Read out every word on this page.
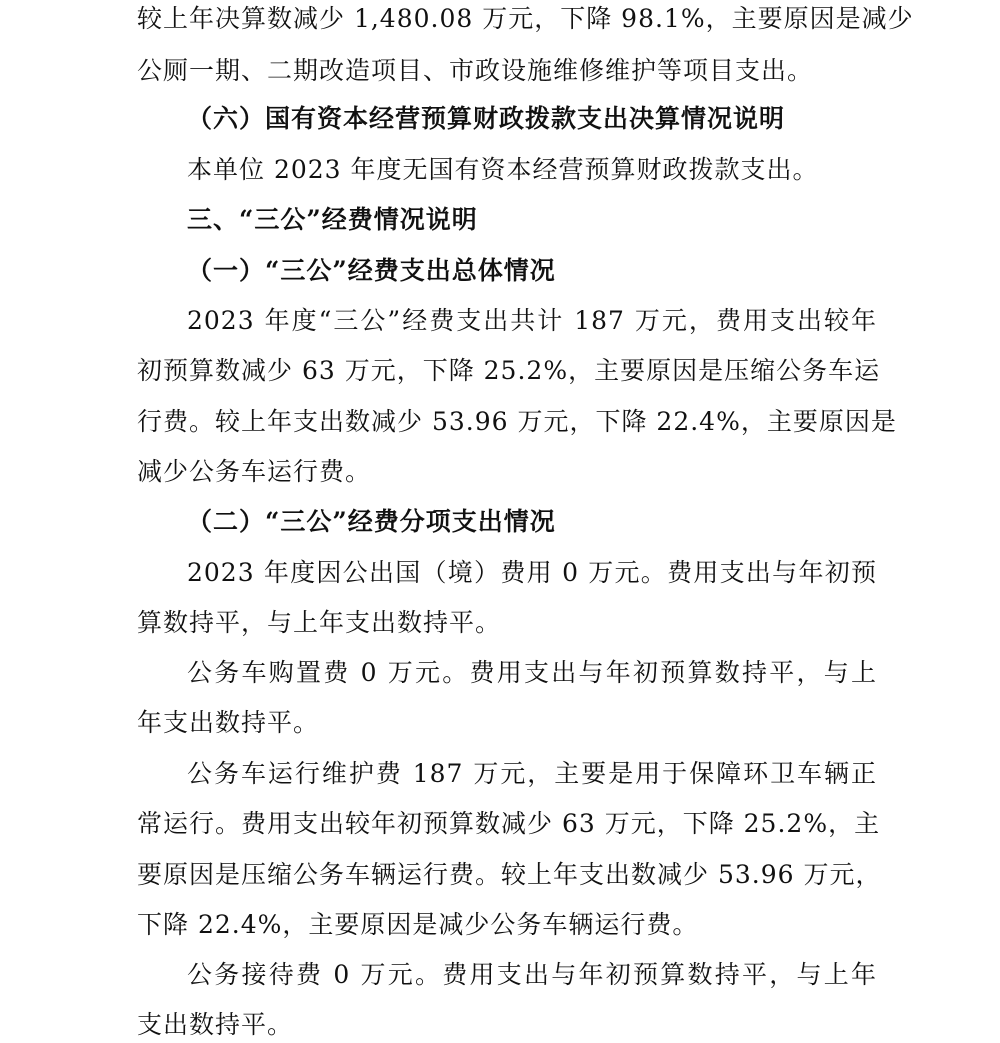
较上年决算数减少 1,480.08 万元，下降 98.1%，主要原因是减少

公厕一期、二期改造项目、市政设施维修维护等项目支出。

（六）国有资本经营预算财政拨款支出决算情况说明

本单位 2023 年度无国有资本经营预算财政拨款支出。

三、“三公”经费情况说明

（一）“三公”经费支出总体情况

2023 年度“三公”经费支出共计 187 万元，费用支出较年

初预算数减少 63 万元，下降 25.2%，主要原因是压缩公务车运

行费。较上年支出数减少 53.96 万元，下降 22.4%，主要原因是

减少公务车运行费。

（二）“三公”经费分项支出情况

2023 年度因公出国（境）费用 0 万元。费用支出与年初预

算数持平，与上年支出数持平。

公务车购置费 0 万元。费用支出与年初预算数持平，与上

年支出数持平。

公务车运行维护费 187 万元，主要是用于保障环卫车辆正

常运行。费用支出较年初预算数减少 63 万元，下降 25.2%，主

要原因是压缩公务车辆运行费。较上年支出数减少 53.96 万元，

下降 22.4%，主要原因是减少公务车辆运行费。

公务接待费 0 万元。费用支出与年初预算数持平，与上年

支出数持平。
